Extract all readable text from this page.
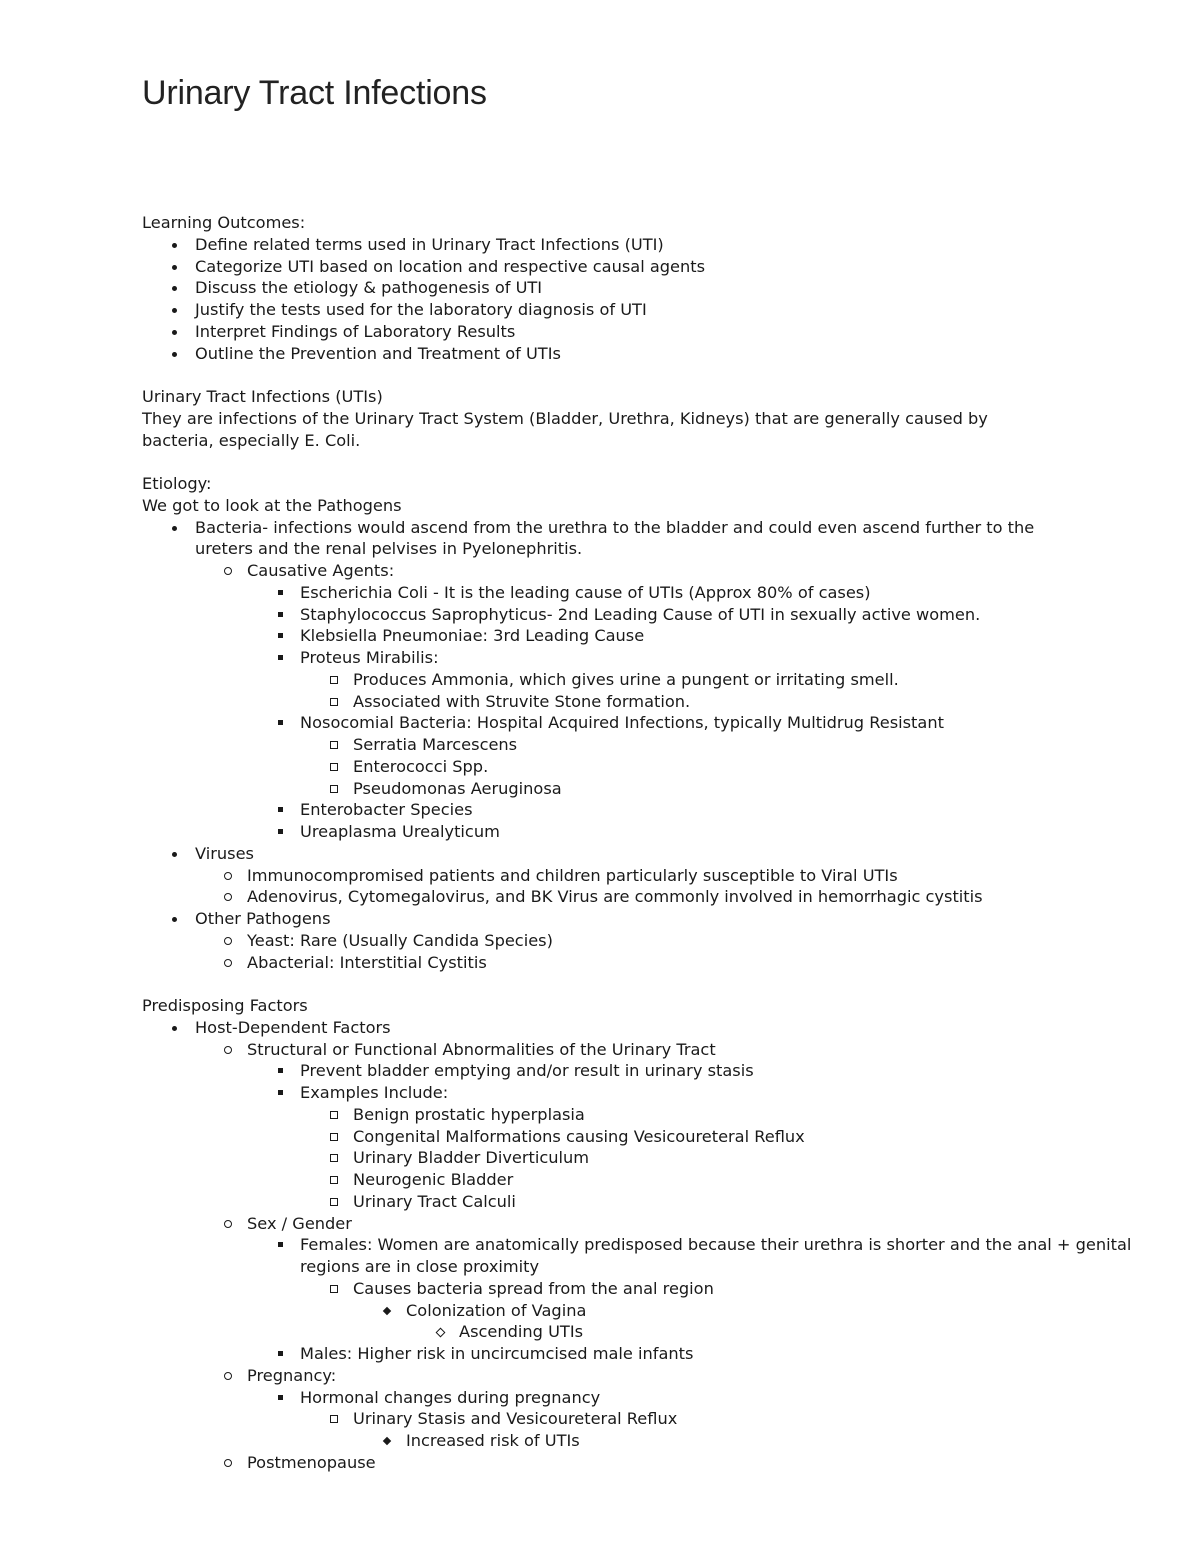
Urinary Tract Infections
Learning Outcomes:
Define related terms used in Urinary Tract Infections (UTI)
Categorize UTI based on location and respective causal agents
Discuss the etiology & pathogenesis of UTI
Justify the tests used for the laboratory diagnosis of UTI
Interpret Findings of Laboratory Results
Outline the Prevention and Treatment of UTIs
Urinary Tract Infections (UTIs)
They are infections of the Urinary Tract System (Bladder, Urethra, Kidneys) that are generally caused by bacteria, especially E. Coli.
Etiology:
We got to look at the Pathogens
Bacteria- infections would ascend from the urethra to the bladder and could even ascend further to the ureters and the renal pelvises in Pyelonephritis.
Causative Agents:
Escherichia Coli - It is the leading cause of UTIs (Approx 80% of cases)
Staphylococcus Saprophyticus- 2nd Leading Cause of UTI in sexually active women.
Klebsiella Pneumoniae: 3rd Leading Cause
Proteus Mirabilis:
Produces Ammonia, which gives urine a pungent or irritating smell.
Associated with Struvite Stone formation.
Nosocomial Bacteria: Hospital Acquired Infections, typically Multidrug Resistant
Serratia Marcescens
Enterococci Spp.
Pseudomonas Aeruginosa
Enterobacter Species
Ureaplasma Urealyticum
Viruses
Immunocompromised patients and children particularly susceptible to Viral UTIs
Adenovirus, Cytomegalovirus, and BK Virus are commonly involved in hemorrhagic cystitis
Other Pathogens
Yeast: Rare (Usually Candida Species)
Abacterial: Interstitial Cystitis
Predisposing Factors
Host-Dependent Factors
Structural or Functional Abnormalities of the Urinary Tract
Prevent bladder emptying and/or result in urinary stasis
Examples Include:
Benign prostatic hyperplasia
Congenital Malformations causing Vesicoureteral Reflux
Urinary Bladder Diverticulum
Neurogenic Bladder
Urinary Tract Calculi
Sex / Gender
Females: Women are anatomically predisposed because their urethra is shorter and the anal + genital regions are in close proximity
Causes bacteria spread from the anal region
Colonization of Vagina
Ascending UTIs
Males: Higher risk in uncircumcised male infants
Pregnancy:
Hormonal changes during pregnancy
Urinary Stasis and Vesicoureteral Reflux
Increased risk of UTIs
Postmenopause
